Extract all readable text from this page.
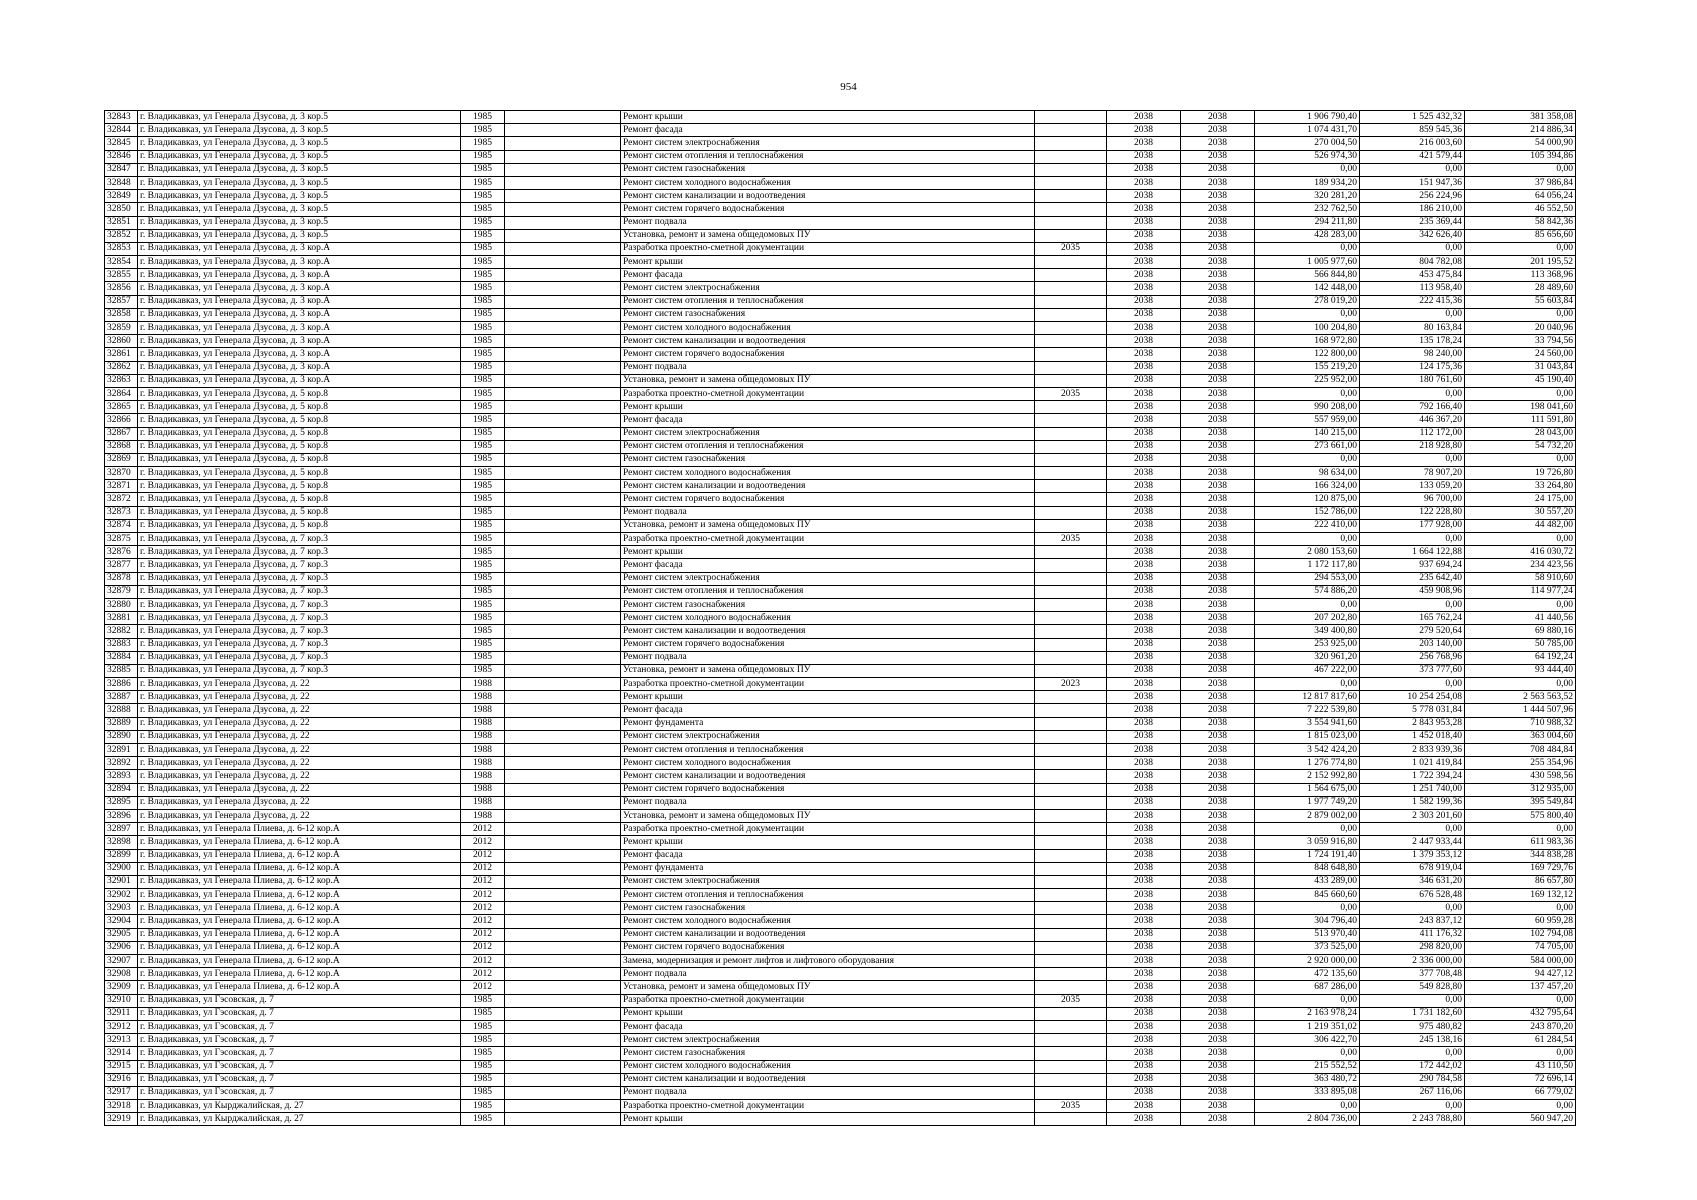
954
32843	г. Владикавказ, ул Генерала Дзусова, д. 3 кор.5	1985		Ремонт крыши		2038	2038	1 906 790,40	1 525 432,32	381 358,08
32844	г. Владикавказ, ул Генерала Дзусова, д. 3 кор.5	1985		Ремонт фасада		2038	2038	1 074 431,70	859 545,36	214 886,34
32845	г. Владикавказ, ул Генерала Дзусова, д. 3 кор.5	1985		Ремонт систем электроснабжения		2038	2038	270 004,50	216 003,60	54 000,90
32846	г. Владикавказ, ул Генерала Дзусова, д. 3 кор.5	1985		Ремонт систем отопления и теплоснабжения		2038	2038	526 974,30	421 579,44	105 394,86
32847	г. Владикавказ, ул Генерала Дзусова, д. 3 кор.5	1985		Ремонт систем газоснабжения		2038	2038	0,00	0,00	0,00
32848	г. Владикавказ, ул Генерала Дзусова, д. 3 кор.5	1985		Ремонт систем холодного водоснабжения		2038	2038	189 934,20	151 947,36	37 986,84
32849	г. Владикавказ, ул Генерала Дзусова, д. 3 кор.5	1985		Ремонт систем канализации и водоотведения		2038	2038	320 281,20	256 224,96	64 056,24
32850	г. Владикавказ, ул Генерала Дзусова, д. 3 кор.5	1985		Ремонт систем горячего водоснабжения		2038	2038	232 762,50	186 210,00	46 552,50
32851	г. Владикавказ, ул Генерала Дзусова, д. 3 кор.5	1985		Ремонт подвала		2038	2038	294 211,80	235 369,44	58 842,36
32852	г. Владикавказ, ул Генерала Дзусова, д. 3 кор.5	1985		Установка, ремонт и замена общедомовых ПУ		2038	2038	428 283,00	342 626,40	85 656,60
32853	г. Владикавказ, ул Генерала Дзусова, д. 3 кор.А	1985		Разработка проектно-сметной документации	2035	2038	2038	0,00	0,00	0,00
32854	г. Владикавказ, ул Генерала Дзусова, д. 3 кор.А	1985		Ремонт крыши		2038	2038	1 005 977,60	804 782,08	201 195,52
32855	г. Владикавказ, ул Генерала Дзусова, д. 3 кор.А	1985		Ремонт фасада		2038	2038	566 844,80	453 475,84	113 368,96
32856	г. Владикавказ, ул Генерала Дзусова, д. 3 кор.А	1985		Ремонт систем электроснабжения		2038	2038	142 448,00	113 958,40	28 489,60
32857	г. Владикавказ, ул Генерала Дзусова, д. 3 кор.А	1985		Ремонт систем отопления и теплоснабжения		2038	2038	278 019,20	222 415,36	55 603,84
32858	г. Владикавказ, ул Генерала Дзусова, д. 3 кор.А	1985		Ремонт систем газоснабжения		2038	2038	0,00	0,00	0,00
32859	г. Владикавказ, ул Генерала Дзусова, д. 3 кор.А	1985		Ремонт систем холодного водоснабжения		2038	2038	100 204,80	80 163,84	20 040,96
32860	г. Владикавказ, ул Генерала Дзусова, д. 3 кор.А	1985		Ремонт систем канализации и водоотведения		2038	2038	168 972,80	135 178,24	33 794,56
32861	г. Владикавказ, ул Генерала Дзусова, д. 3 кор.А	1985		Ремонт систем горячего водоснабжения		2038	2038	122 800,00	98 240,00	24 560,00
32862	г. Владикавказ, ул Генерала Дзусова, д. 3 кор.А	1985		Ремонт подвала		2038	2038	155 219,20	124 175,36	31 043,84
32863	г. Владикавказ, ул Генерала Дзусова, д. 3 кор.А	1985		Установка, ремонт и замена общедомовых ПУ		2038	2038	225 952,00	180 761,60	45 190,40
32864	г. Владикавказ, ул Генерала Дзусова, д. 5 кор.8	1985		Разработка проектно-сметной документации	2035	2038	2038	0,00	0,00	0,00
32865	г. Владикавказ, ул Генерала Дзусова, д. 5 кор.8	1985		Ремонт крыши		2038	2038	990 208,00	792 166,40	198 041,60
32866	г. Владикавказ, ул Генерала Дзусова, д. 5 кор.8	1985		Ремонт фасада		2038	2038	557 959,00	446 367,20	111 591,80
32867	г. Владикавказ, ул Генерала Дзусова, д. 5 кор.8	1985		Ремонт систем электроснабжения		2038	2038	140 215,00	112 172,00	28 043,00
32868	г. Владикавказ, ул Генерала Дзусова, д. 5 кор.8	1985		Ремонт систем отопления и теплоснабжения		2038	2038	273 661,00	218 928,80	54 732,20
32869	г. Владикавказ, ул Генерала Дзусова, д. 5 кор.8	1985		Ремонт систем газоснабжения		2038	2038	0,00	0,00	0,00
32870	г. Владикавказ, ул Генерала Дзусова, д. 5 кор.8	1985		Ремонт систем холодного водоснабжения		2038	2038	98 634,00	78 907,20	19 726,80
32871	г. Владикавказ, ул Генерала Дзусова, д. 5 кор.8	1985		Ремонт систем канализации и водоотведения		2038	2038	166 324,00	133 059,20	33 264,80
32872	г. Владикавказ, ул Генерала Дзусова, д. 5 кор.8	1985		Ремонт систем горячего водоснабжения		2038	2038	120 875,00	96 700,00	24 175,00
32873	г. Владикавказ, ул Генерала Дзусова, д. 5 кор.8	1985		Ремонт подвала		2038	2038	152 786,00	122 228,80	30 557,20
32874	г. Владикавказ, ул Генерала Дзусова, д. 5 кор.8	1985		Установка, ремонт и замена общедомовых ПУ		2038	2038	222 410,00	177 928,00	44 482,00
32875	г. Владикавказ, ул Генерала Дзусова, д. 7 кор.3	1985		Разработка проектно-сметной документации	2035	2038	2038	0,00	0,00	0,00
32876	г. Владикавказ, ул Генерала Дзусова, д. 7 кор.3	1985		Ремонт крыши		2038	2038	2 080 153,60	1 664 122,88	416 030,72
32877	г. Владикавказ, ул Генерала Дзусова, д. 7 кор.3	1985		Ремонт фасада		2038	2038	1 172 117,80	937 694,24	234 423,56
32878	г. Владикавказ, ул Генерала Дзусова, д. 7 кор.3	1985		Ремонт систем электроснабжения		2038	2038	294 553,00	235 642,40	58 910,60
32879	г. Владикавказ, ул Генерала Дзусова, д. 7 кор.3	1985		Ремонт систем отопления и теплоснабжения		2038	2038	574 886,20	459 908,96	114 977,24
32880	г. Владикавказ, ул Генерала Дзусова, д. 7 кор.3	1985		Ремонт систем газоснабжения		2038	2038	0,00	0,00	0,00
32881	г. Владикавказ, ул Генерала Дзусова, д. 7 кор.3	1985		Ремонт систем холодного водоснабжения		2038	2038	207 202,80	165 762,24	41 440,56
32882	г. Владикавказ, ул Генерала Дзусова, д. 7 кор.3	1985		Ремонт систем канализации и водоотведения		2038	2038	349 400,80	279 520,64	69 880,16
32883	г. Владикавказ, ул Генерала Дзусова, д. 7 кор.3	1985		Ремонт систем горячего водоснабжения		2038	2038	253 925,00	203 140,00	50 785,00
32884	г. Владикавказ, ул Генерала Дзусова, д. 7 кор.3	1985		Ремонт подвала		2038	2038	320 961,20	256 768,96	64 192,24
32885	г. Владикавказ, ул Генерала Дзусова, д. 7 кор.3	1985		Установка, ремонт и замена общедомовых ПУ		2038	2038	467 222,00	373 777,60	93 444,40
32886	г. Владикавказ, ул Генерала Дзусова, д. 22	1988		Разработка проектно-сметной документации	2023	2038	2038	0,00	0,00	0,00
32887	г. Владикавказ, ул Генерала Дзусова, д. 22	1988		Ремонт крыши		2038	2038	12 817 817,60	10 254 254,08	2 563 563,52
32888	г. Владикавказ, ул Генерала Дзусова, д. 22	1988		Ремонт фасада		2038	2038	7 222 539,80	5 778 031,84	1 444 507,96
32889	г. Владикавказ, ул Генерала Дзусова, д. 22	1988		Ремонт фундамента		2038	2038	3 554 941,60	2 843 953,28	710 988,32
32890	г. Владикавказ, ул Генерала Дзусова, д. 22	1988		Ремонт систем электроснабжения		2038	2038	1 815 023,00	1 452 018,40	363 004,60
32891	г. Владикавказ, ул Генерала Дзусова, д. 22	1988		Ремонт систем отопления и теплоснабжения		2038	2038	3 542 424,20	2 833 939,36	708 484,84
32892	г. Владикавказ, ул Генерала Дзусова, д. 22	1988		Ремонт систем холодного водоснабжения		2038	2038	1 276 774,80	1 021 419,84	255 354,96
32893	г. Владикавказ, ул Генерала Дзусова, д. 22	1988		Ремонт систем канализации и водоотведения		2038	2038	2 152 992,80	1 722 394,24	430 598,56
32894	г. Владикавказ, ул Генерала Дзусова, д. 22	1988		Ремонт систем горячего водоснабжения		2038	2038	1 564 675,00	1 251 740,00	312 935,00
32895	г. Владикавказ, ул Генерала Дзусова, д. 22	1988		Ремонт подвала		2038	2038	1 977 749,20	1 582 199,36	395 549,84
32896	г. Владикавказ, ул Генерала Дзусова, д. 22	1988		Установка, ремонт и замена общедомовых ПУ		2038	2038	2 879 002,00	2 303 201,60	575 800,40
32897	г. Владикавказ, ул Генерала Плиева, д. 6-12 кор.А	2012		Разработка проектно-сметной документации		2038	2038	0,00	0,00	0,00
32898	г. Владикавказ, ул Генерала Плиева, д. 6-12 кор.А	2012		Ремонт крыши		2038	2038	3 059 916,80	2 447 933,44	611 983,36
32899	г. Владикавказ, ул Генерала Плиева, д. 6-12 кор.А	2012		Ремонт фасада		2038	2038	1 724 191,40	1 379 353,12	344 838,28
32900	г. Владикавказ, ул Генерала Плиева, д. 6-12 кор.А	2012		Ремонт фундамента		2038	2038	848 648,80	678 919,04	169 729,76
32901	г. Владикавказ, ул Генерала Плиева, д. 6-12 кор.А	2012		Ремонт систем электроснабжения		2038	2038	433 289,00	346 631,20	86 657,80
32902	г. Владикавказ, ул Генерала Плиева, д. 6-12 кор.А	2012		Ремонт систем отопления и теплоснабжения		2038	2038	845 660,60	676 528,48	169 132,12
32903	г. Владикавказ, ул Генерала Плиева, д. 6-12 кор.А	2012		Ремонт систем газоснабжения		2038	2038	0,00	0,00	0,00
32904	г. Владикавказ, ул Генерала Плиева, д. 6-12 кор.А	2012		Ремонт систем холодного водоснабжения		2038	2038	304 796,40	243 837,12	60 959,28
32905	г. Владикавказ, ул Генерала Плиева, д. 6-12 кор.А	2012		Ремонт систем канализации и водоотведения		2038	2038	513 970,40	411 176,32	102 794,08
32906	г. Владикавказ, ул Генерала Плиева, д. 6-12 кор.А	2012		Ремонт систем горячего водоснабжения		2038	2038	373 525,00	298 820,00	74 705,00
32907	г. Владикавказ, ул Генерала Плиева, д. 6-12 кор.А	2012		Замена, модернизация и ремонт лифтов и лифтового оборудования		2038	2038	2 920 000,00	2 336 000,00	584 000,00
32908	г. Владикавказ, ул Генерала Плиева, д. 6-12 кор.А	2012		Ремонт подвала		2038	2038	472 135,60	377 708,48	94 427,12
32909	г. Владикавказ, ул Генерала Плиева, д. 6-12 кор.А	2012		Установка, ремонт и замена общедомовых ПУ		2038	2038	687 286,00	549 828,80	137 457,20
32910	г. Владикавказ, ул Гэсовская, д. 7	1985		Разработка проектно-сметной документации	2035	2038	2038	0,00	0,00	0,00
32911	г. Владикавказ, ул Гэсовская, д. 7	1985		Ремонт крыши		2038	2038	2 163 978,24	1 731 182,60	432 795,64
32912	г. Владикавказ, ул Гэсовская, д. 7	1985		Ремонт фасада		2038	2038	1 219 351,02	975 480,82	243 870,20
32913	г. Владикавказ, ул Гэсовская, д. 7	1985		Ремонт систем электроснабжения		2038	2038	306 422,70	245 138,16	61 284,54
32914	г. Владикавказ, ул Гэсовская, д. 7	1985		Ремонт систем газоснабжения		2038	2038	0,00	0,00	0,00
32915	г. Владикавказ, ул Гэсовская, д. 7	1985		Ремонт систем холодного водоснабжения		2038	2038	215 552,52	172 442,02	43 110,50
32916	г. Владикавказ, ул Гэсовская, д. 7	1985		Ремонт систем канализации и водоотведения		2038	2038	363 480,72	290 784,58	72 696,14
32917	г. Владикавказ, ул Гэсовская, д. 7	1985		Ремонт подвала		2038	2038	333 895,08	267 116,06	66 779,02
32918	г. Владикавказ, ул Кырджалийская, д. 27	1985		Разработка проектно-сметной документации	2035	2038	2038	0,00	0,00	0,00
32919	г. Владикавказ, ул Кырджалийская, д. 27	1985		Ремонт крыши		2038	2038	2 804 736,00	2 243 788,80	560 947,20
